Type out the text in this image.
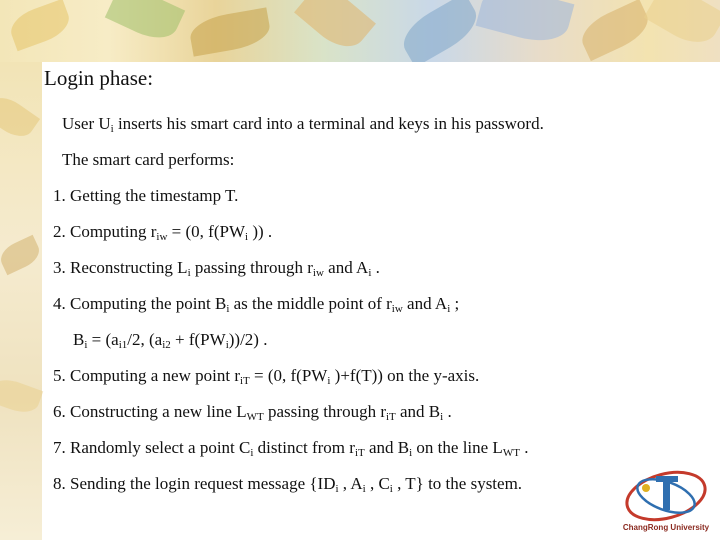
Login phase:
User $U_i$ inserts his smart card into a terminal and keys in his password.
The smart card performs:
1. Getting the timestamp T.
2. Computing $r_{iw} = (0$, $f(PW_i$ )) .
3. Reconstructing $L_i$ passing through $r_{iw}$ and $A_i$ .
4. Computing the point $B_i$ as the middle point of $r_{iw}$ and $A_i$ ;
$B_i = (a_{i1}/2$, $(a_{i2} + f(PW_i))/2$) .
5. Computing a new point $r_{iT} = (0$, $f(PW_i$ )+f(T)) on the y-axis.
6. Constructing a new line $L_{WT}$ passing through $r_{iT}$ and $B_i$ .
7. Randomly select a point $C_i$ distinct from $r_{iT}$ and $B_i$ on the line $L_{WT}$ .
8. Sending the login request message {$ID_i$ , $A_i$ , $C_i$ , T} to the system.
ChangRong University
